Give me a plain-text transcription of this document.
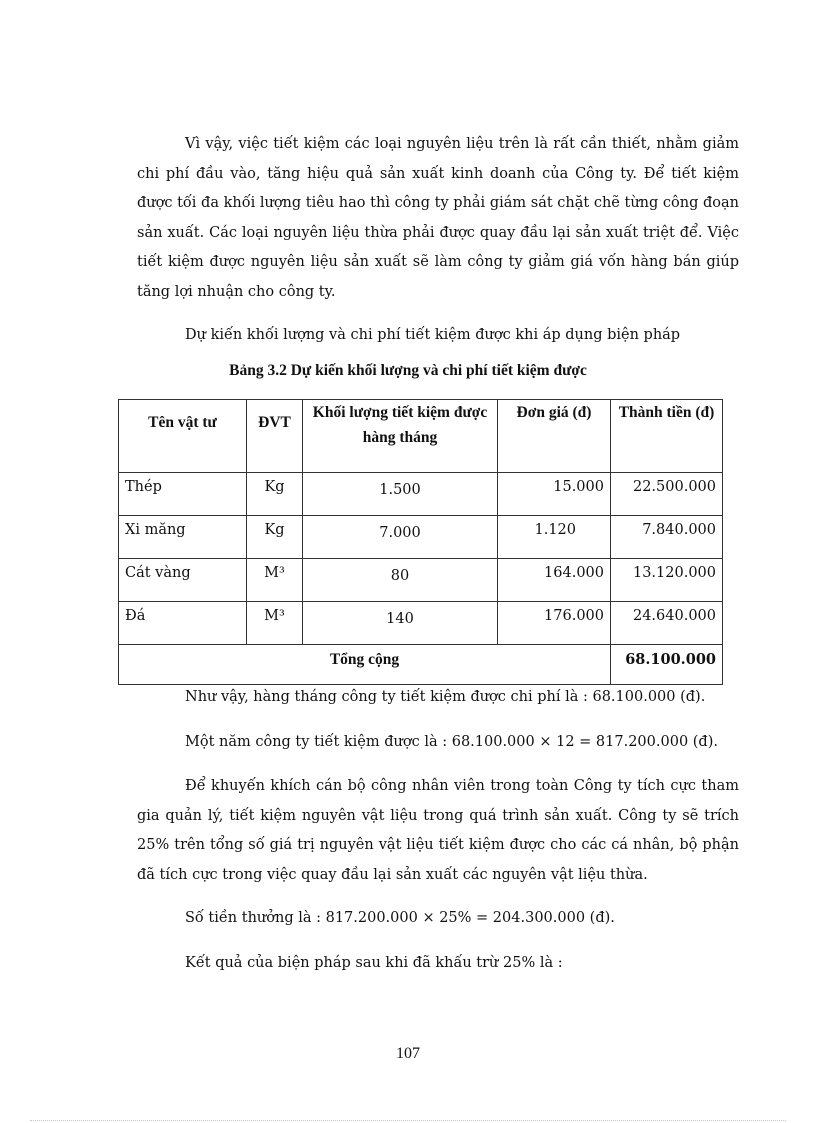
Vì vậy, việc tiết kiệm các loại nguyên liệu trên là rất cần thiết, nhằm giảm chi phí đầu vào, tăng hiệu quả sản xuất kinh doanh của Công ty. Để tiết kiệm được tối đa khối lượng tiêu hao thì công ty phải giám sát chặt chẽ từng công đoạn sản xuất. Các loại nguyên liệu thừa phải được quay đầu lại sản xuất triệt để. Việc tiết kiệm được nguyên liệu sản xuất sẽ làm công ty giảm giá vốn hàng bán giúp tăng lợi nhuận cho công ty.

Dự kiến khối lượng và chi phí tiết kiệm được khi áp dụng biện pháp

Bảng 3.2 Dự kiến khối lượng và chi phí tiết kiệm được
Tên vật tư	ĐVT	Khối lượng tiết kiệm được hàng tháng	Đơn giá (đ)	Thành tiền (đ)
Thép	Kg	1.500	15.000	22.500.000
Xi măng	Kg	7.000	1.120	7.840.000
Cát vàng	M³	80	164.000	13.120.000
Đá	M³	140	176.000	24.640.000
Tổng cộng				68.100.000

Như vậy, hàng tháng công ty tiết kiệm được chi phí là : 68.100.000 (đ).

Một năm công ty tiết kiệm được là : 68.100.000 × 12 = 817.200.000 (đ).

Để khuyến khích cán bộ công nhân viên trong toàn Công ty tích cực tham gia quản lý, tiết kiệm nguyên vật liệu trong quá trình sản xuất. Công ty sẽ trích 25% trên tổng số giá trị nguyên vật liệu tiết kiệm được cho các cá nhân, bộ phận đã tích cực trong việc quay đầu lại sản xuất các nguyên vật liệu thừa.

Số tiền thưởng là : 817.200.000 × 25% = 204.300.000 (đ).

Kết quả của biện pháp sau khi đã khấu trừ 25% là :

107
